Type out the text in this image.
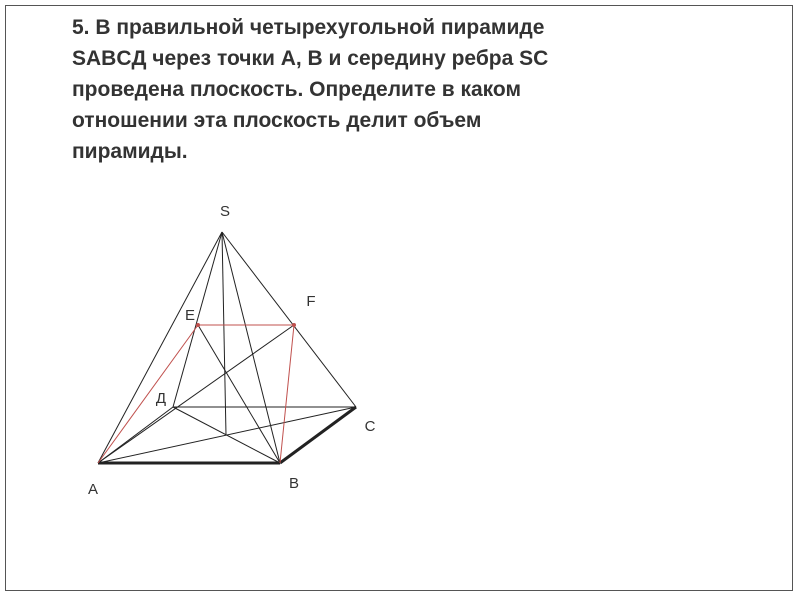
5. В правильной четырехугольной пирамиде
SABCД через точки A, B и середину ребра SC
проведена плоскость. Определите в каком
отношении эта плоскость делит объем
пирамиды.

S
E
F
Д
C
B
A
